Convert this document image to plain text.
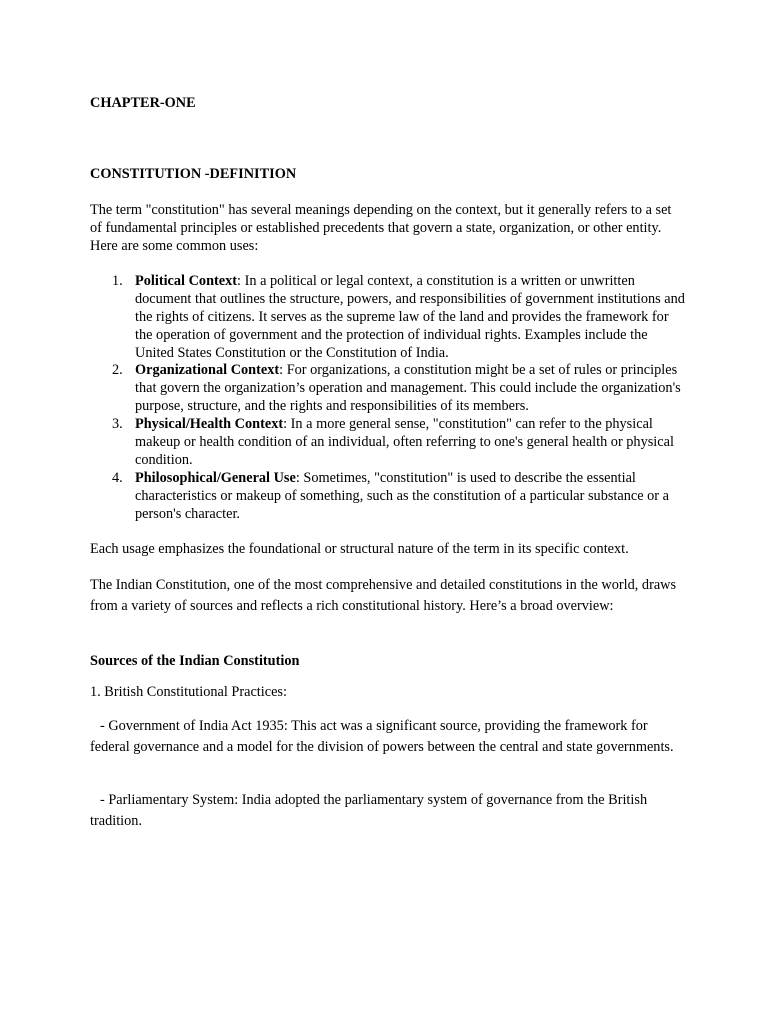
CHAPTER-ONE

CONSTITUTION -DEFINITION

The term "constitution" has several meanings depending on the context, but it generally refers to a set of fundamental principles or established precedents that govern a state, organization, or other entity. Here are some common uses:

1. Political Context: In a political or legal context, a constitution is a written or unwritten document that outlines the structure, powers, and responsibilities of government institutions and the rights of citizens. It serves as the supreme law of the land and provides the framework for the operation of government and the protection of individual rights. Examples include the United States Constitution or the Constitution of India.
2. Organizational Context: For organizations, a constitution might be a set of rules or principles that govern the organization’s operation and management. This could include the organization's purpose, structure, and the rights and responsibilities of its members.
3. Physical/Health Context: In a more general sense, "constitution" can refer to the physical makeup or health condition of an individual, often referring to one's general health or physical condition.
4. Philosophical/General Use: Sometimes, "constitution" is used to describe the essential characteristics or makeup of something, such as the constitution of a particular substance or a person's character.

Each usage emphasizes the foundational or structural nature of the term in its specific context.

The Indian Constitution, one of the most comprehensive and detailed constitutions in the world, draws from a variety of sources and reflects a rich constitutional history. Here’s a broad overview:

Sources of the Indian Constitution

1. British Constitutional Practices:

- Government of India Act 1935: This act was a significant source, providing the framework for federal governance and a model for the division of powers between the central and state governments.

- Parliamentary System: India adopted the parliamentary system of governance from the British tradition.
